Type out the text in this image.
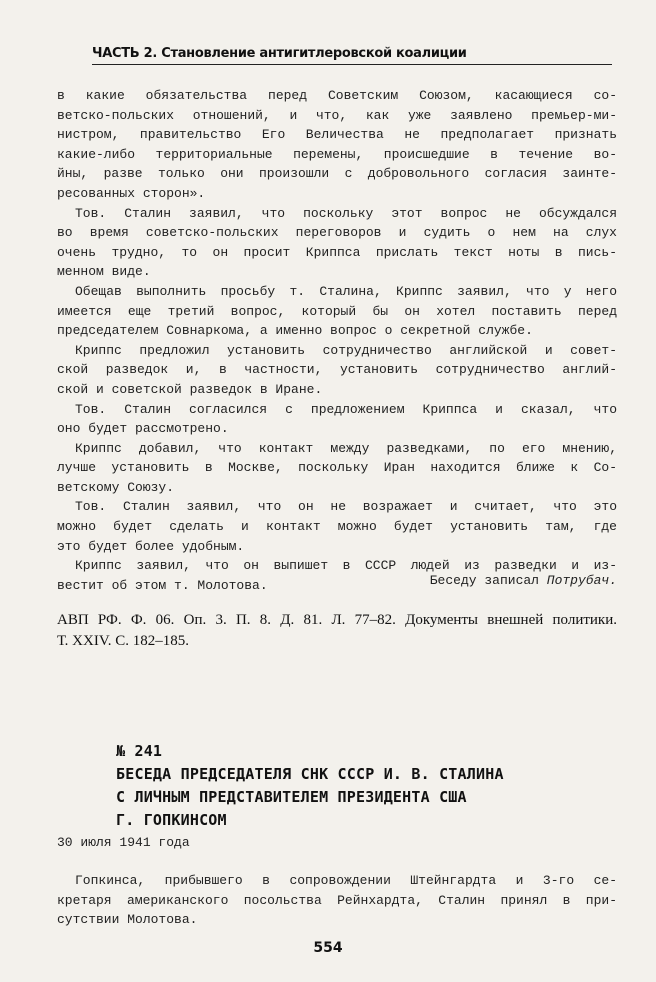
ЧАСТЬ 2. Становление антигитлеровской коалиции
в какие обязательства перед Советским Союзом, касающиеся со-
ветско-польских отношений, и что, как уже заявлено премьер-ми-
нистром, правительство Его Величества не предполагает признать
какие-либо территориальные перемены, происшедшие в течение во-
йны, разве только они произошли с добровольного согласия заинте-
ресованных сторон».
Тов. Сталин заявил, что поскольку этот вопрос не обсуждался
во время советско-польских переговоров и судить о нем на слух
очень трудно, то он просит Криппса прислать текст ноты в пись-
менном виде.
Обещав выполнить просьбу т. Сталина, Криппс заявил, что у него
имеется еще третий вопрос, который бы он хотел поставить перед
председателем Совнаркома, а именно вопрос о секретной службе.
Криппс предложил установить сотрудничество английской и совет-
ской разведок и, в частности, установить сотрудничество англий-
ской и советской разведок в Иране.
Тов. Сталин согласился с предложением Криппса и сказал, что
оно будет рассмотрено.
Криппс добавил, что контакт между разведками, по его мнению,
лучше установить в Москве, поскольку Иран находится ближе к Со-
ветскому Союзу.
Тов. Сталин заявил, что он не возражает и считает, что это
можно будет сделать и контакт можно будет установить там, где
это будет более удобным.
Криппс заявил, что он выпишет в СССР людей из разведки и из-
вестит об этом т. Молотова.	Беседу записал Потрубач.
АВП РФ. Ф. 06. Оп. 3. П. 8. Д. 81. Л. 77–82. Документы внешней политики.
Т. XXIV. С. 182–185.
№ 241
БЕСЕДА ПРЕДСЕДАТЕЛЯ СНК СССР И. В. СТАЛИНА
С ЛИЧНЫМ ПРЕДСТАВИТЕЛЕМ ПРЕЗИДЕНТА США
Г. ГОПКИНСОМ
30 июля 1941 года
Гопкинса, прибывшего в сопровождении Штейнгардта и 3-го се-
кретаря американского посольства Рейнхардта, Сталин принял в при-
сутствии Молотова.
554
